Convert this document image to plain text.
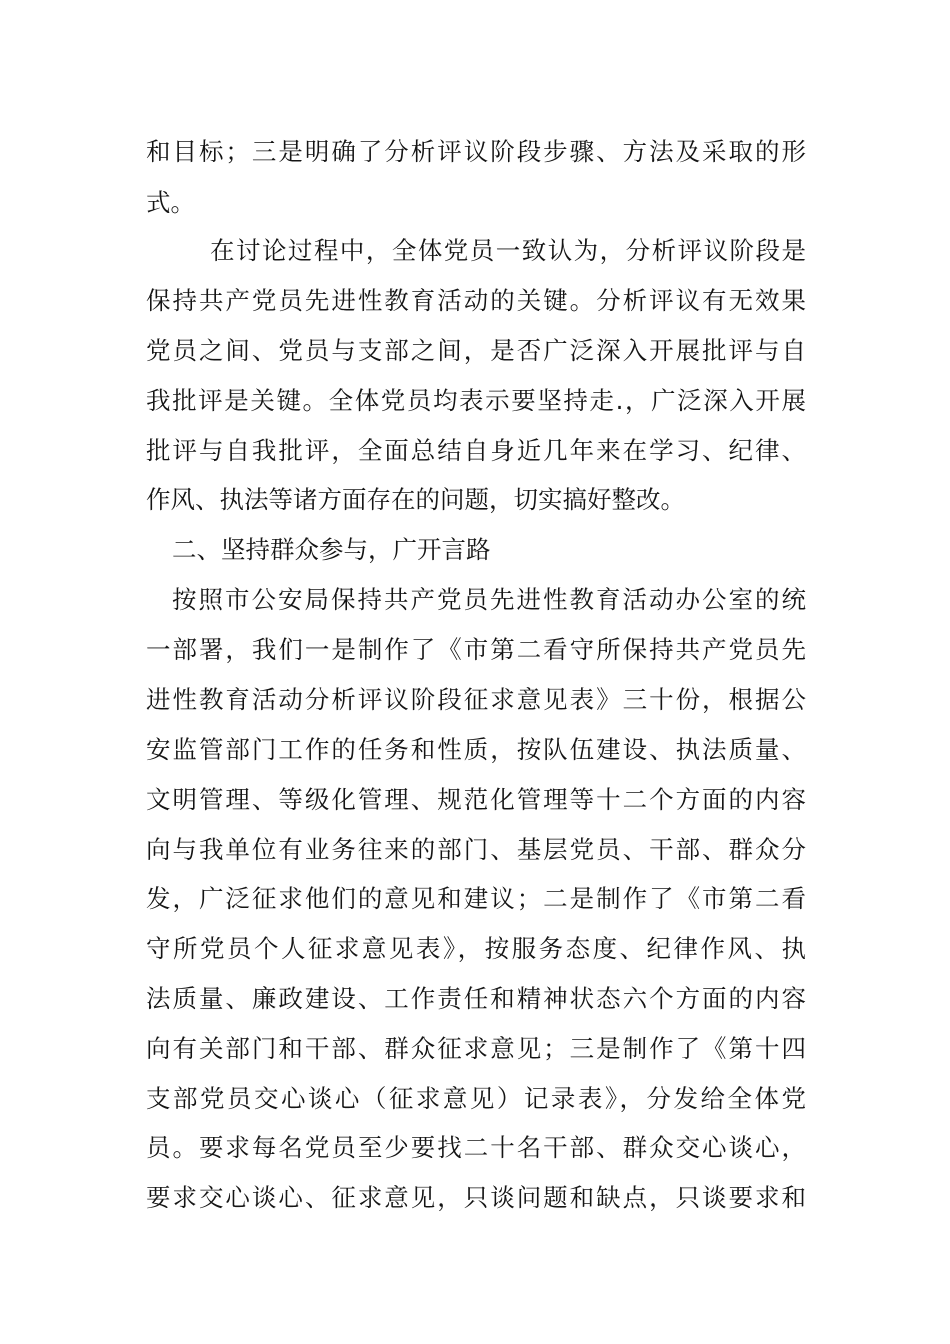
和目标；三是明确了分析评议阶段步骤、方法及采取的形
式。
在讨论过程中，全体党员一致认为，分析评议阶段是
保持共产党员先进性教育活动的关键。分析评议有无效果
党员之间、党员与支部之间，是否广泛深入开展批评与自
我批评是关键。全体党员均表示要坚持走.，广泛深入开展
批评与自我批评，全面总结自身近几年来在学习、纪律、
作风、执法等诸方面存在的问题，切实搞好整改。
二、坚持群众参与，广开言路
按照市公安局保持共产党员先进性教育活动办公室的统
一部署，我们一是制作了《市第二看守所保持共产党员先
进性教育活动分析评议阶段征求意见表》三十份，根据公
安监管部门工作的任务和性质，按队伍建设、执法质量、
文明管理、等级化管理、规范化管理等十二个方面的内容
向与我单位有业务往来的部门、基层党员、干部、群众分
发，广泛征求他们的意见和建议；二是制作了《市第二看
守所党员个人征求意见表》，按服务态度、纪律作风、执
法质量、廉政建设、工作责任和精神状态六个方面的内容
向有关部门和干部、群众征求意见；三是制作了《第十四
支部党员交心谈心（征求意见）记录表》，分发给全体党
员。要求每名党员至少要找二十名干部、群众交心谈心，
要求交心谈心、征求意见，只谈问题和缺点，只谈要求和
